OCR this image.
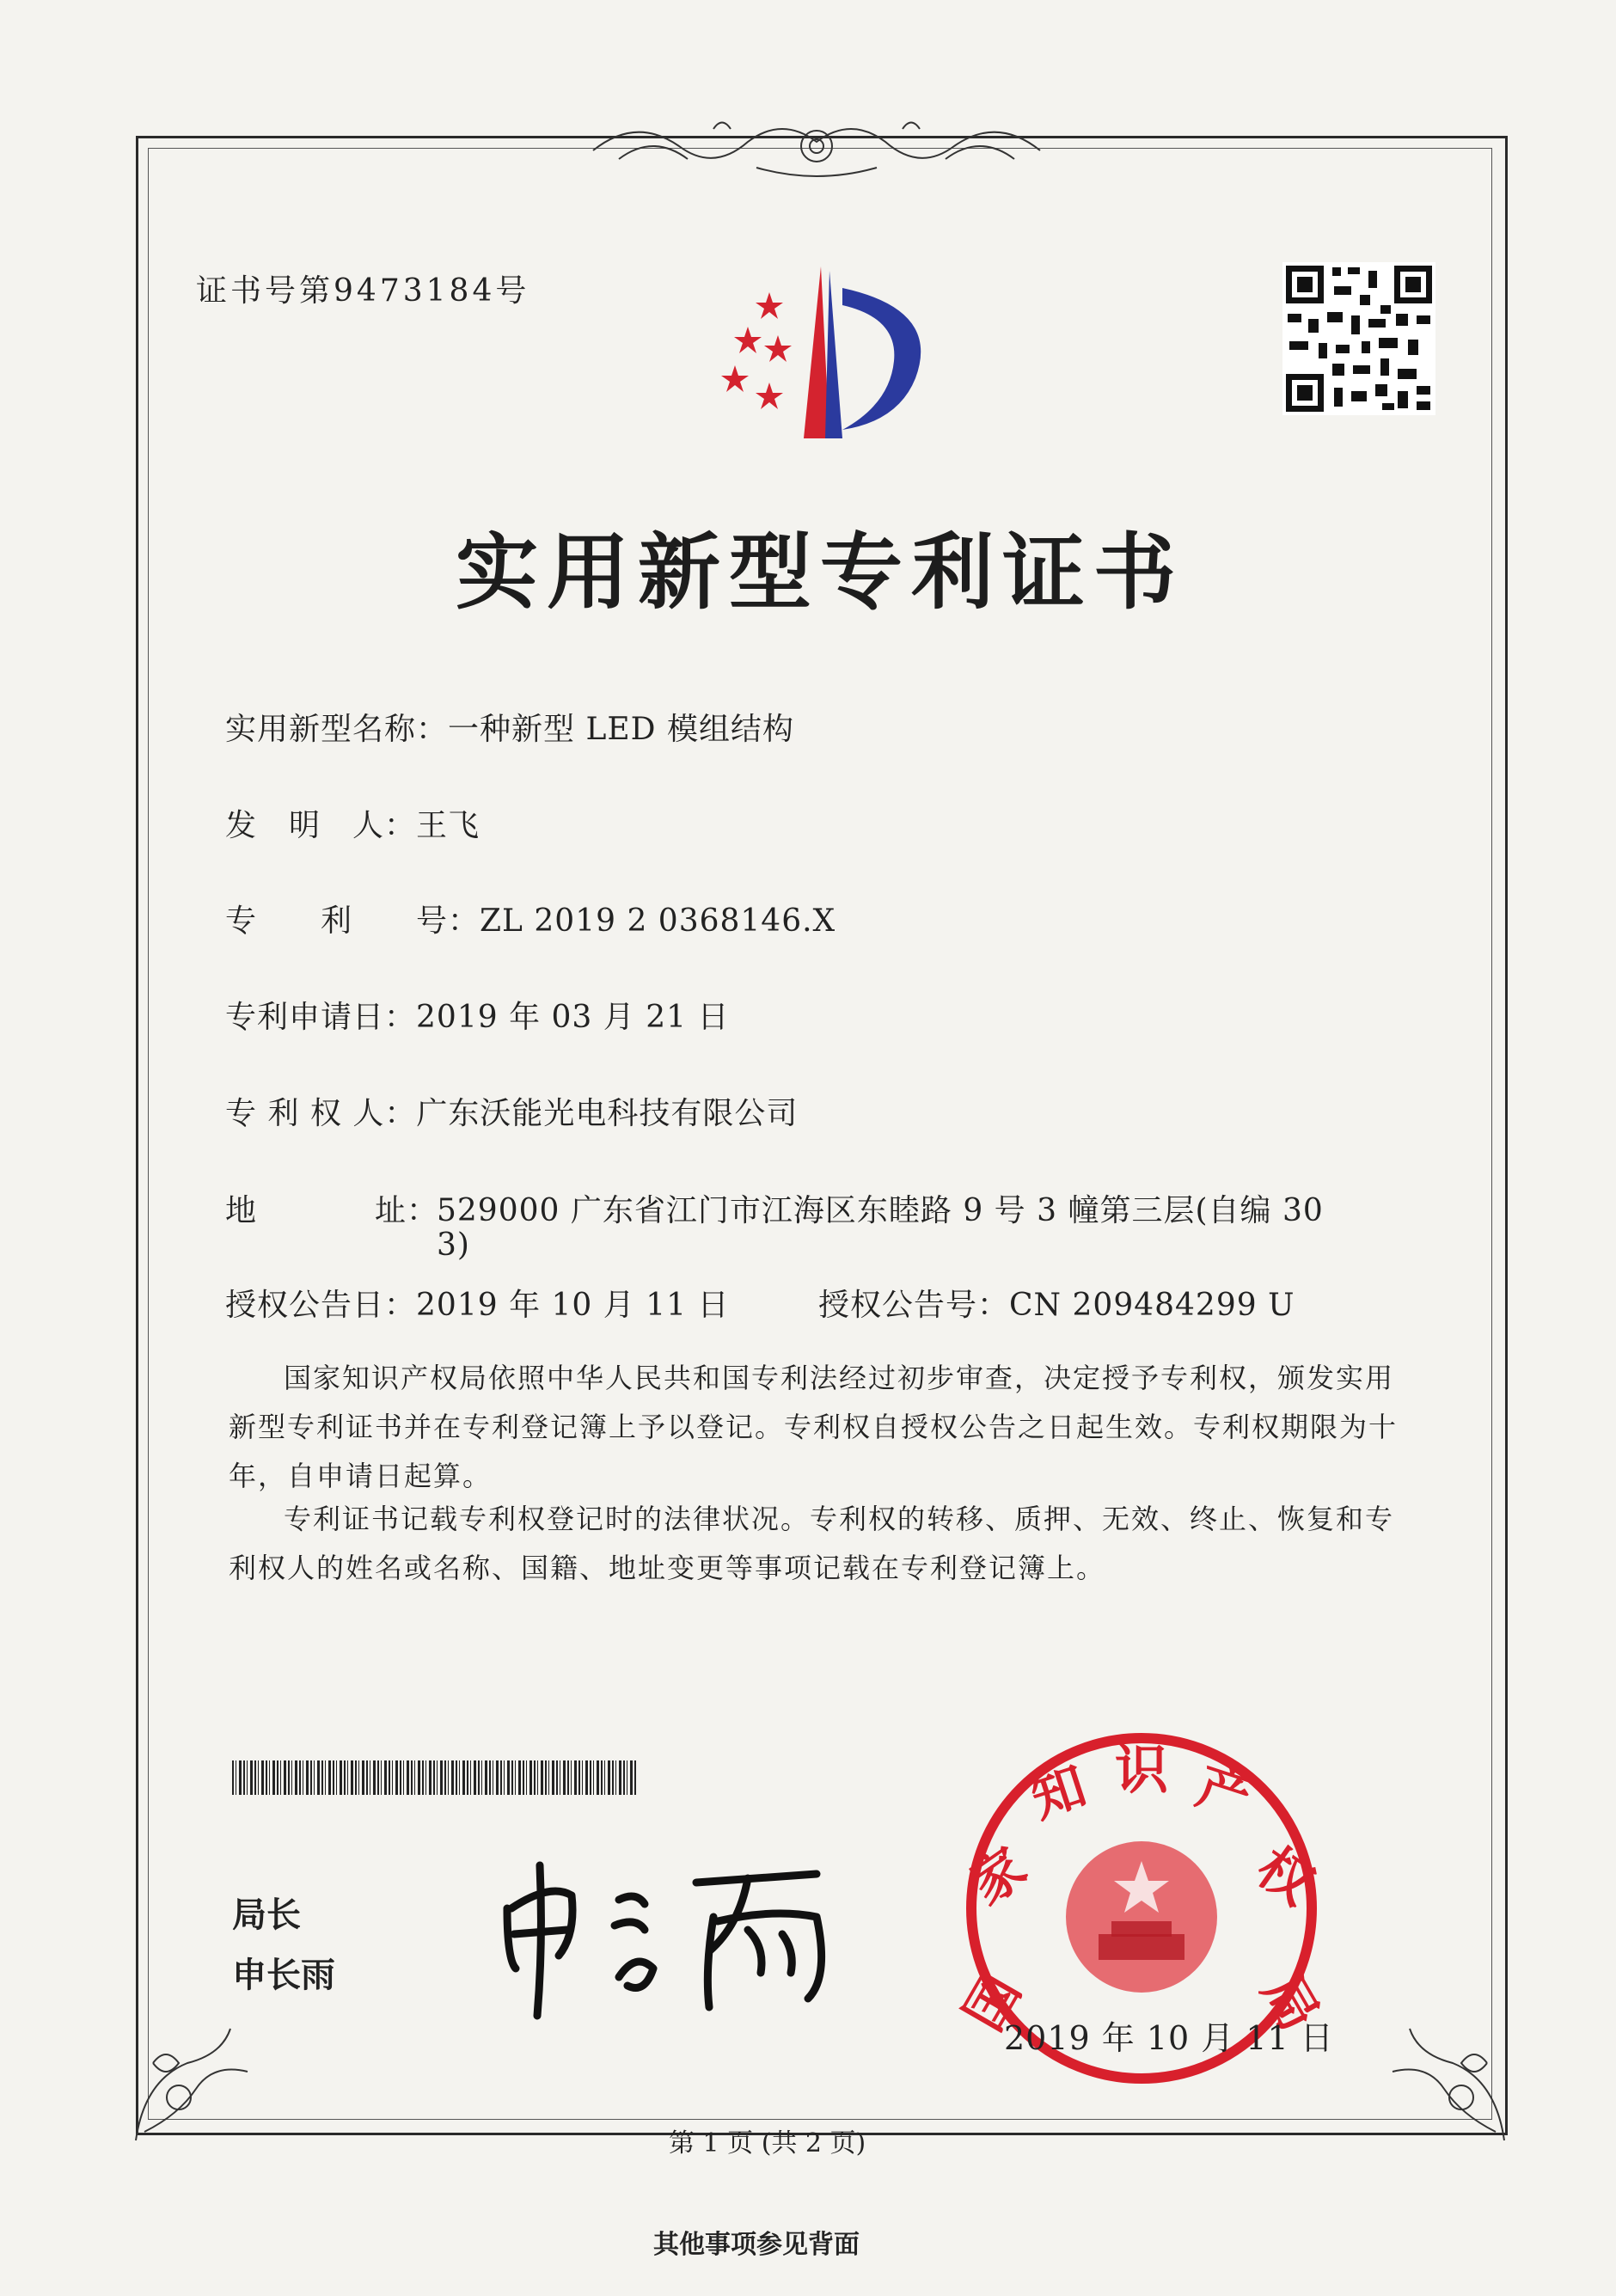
证书号第9473184号
实用新型专利证书
实用新型名称：一种新型 LED 模组结构
发　明　人：王飞
专　　利　　号：ZL 2019 2 0368146.X
专利申请日：2019 年 03 月 21 日
专 利 权 人：广东沃能光电科技有限公司
地	址：
529000 广东省江门市江海区东睦路 9 号 3 幢第三层(自编 30
3)
授权公告日：2019 年 10 月 11 日	授权公告号：CN 209484299 U
国家知识产权局依照中华人民共和国专利法经过初步审查，决定授予专利权，颁发实用
新型专利证书并在专利登记簿上予以登记。专利权自授权公告之日起生效。专利权期限为十
年，自申请日起算。
专利证书记载专利权登记时的法律状况。专利权的转移、质押、无效、终止、恢复和专
利权人的姓名或名称、国籍、地址变更等事项记载在专利登记簿上。
局长
申长雨	国
家
知 识 产
权
局
2019 年 10 月 11 日
第 1 页 (共 2 页)
其他事项参见背面
